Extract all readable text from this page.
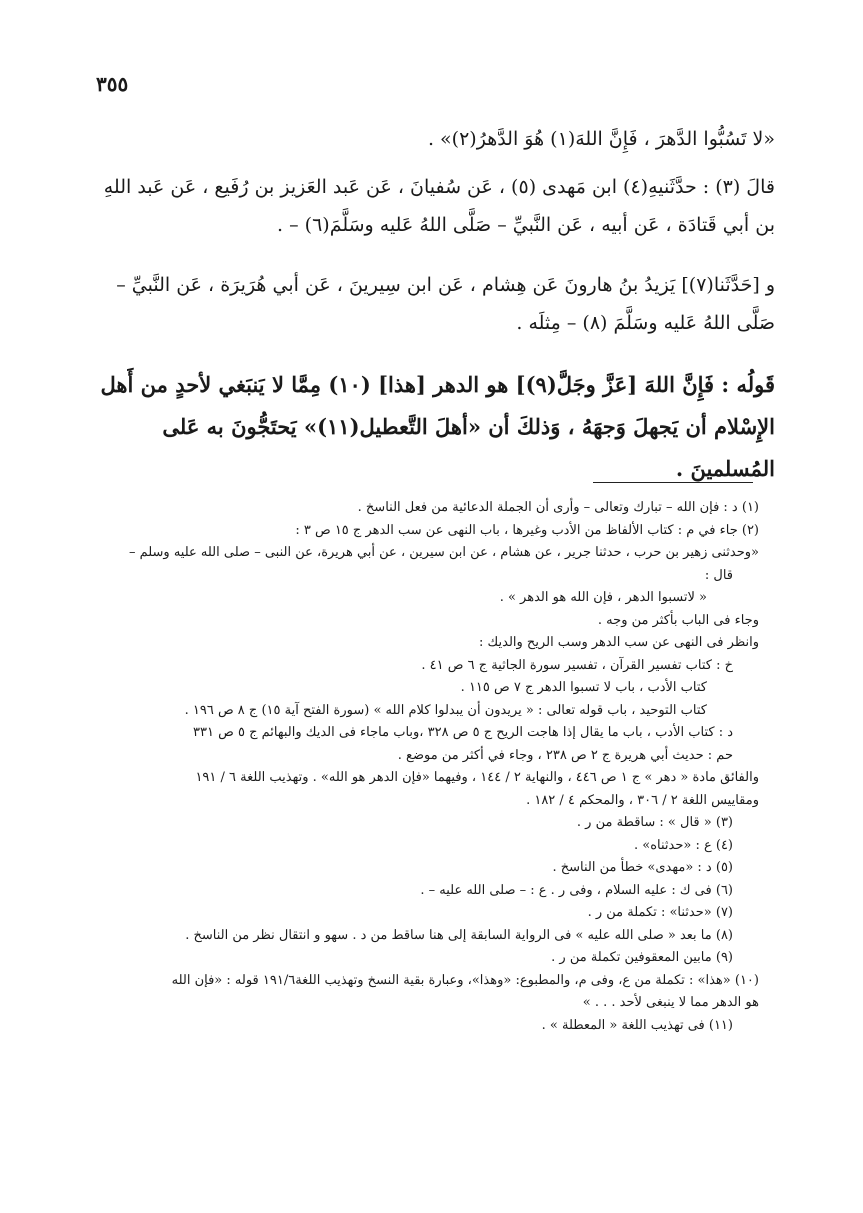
٣٥٥

«لا تَسُبُّوا الدَّهرَ ، فَإِنَّ اللهَ(١) هُوَ الدَّهرُ(٢)» .

قالَ (٣) : حدَّثَنيهِ(٤) ابن مَهدى (٥) ، عَن سُفيانَ ، عَن عَبد العَزيز بن رُفَيع ، عَن عَبد اللهِ بن أبي قَتادَة ، عَن أبيه ، عَن النَّبيِّ – صَلَّى اللهُ عَليه وسَلَّمَ(٦) – .

و [حَدَّثَنا(٧)] يَزيدُ بنُ هارونَ عَن هِشام ، عَن ابن سِيرينَ ، عَن أبي هُرَيرَة ، عَن النَّبيِّ – صَلَّى اللهُ عَليه وسَلَّمَ (٨) – مِثلَه .

قَولُه : فَإِنَّ اللهَ [عَزَّ وجَلَّ(٩)] هو الدهر [هذا] (١٠) مِمَّا لا يَنبَغي لأحدٍ من أَهل الإِسْلام أن يَجهلَ وَجهَهُ ، وَذلكَ أن «أهلَ التَّعطيل(١١)» يَحتَجُّونَ به عَلى المُسلمينَ .

(١) د : فإن الله – تبارك وتعالى – وأرى أن الجملة الدعائية من فعل الناسخ .

(٢) جاء في م : كتاب الألفاظ من الأدب وغيرها ، باب النهى عن سب الدهر ج ١٥ ص ٣ :

«وحدثنى زهير بن حرب ، حدثنا جرير ، عن هشام ، عن ابن سيرين ، عن أبي هريرة، عن النبى – صلى الله عليه وسلم –

قال :

« لاتسبوا الدهر ، فإن الله هو الدهر » .

وجاء فى الباب بأكثر من وجه .

وانظر فى النهى عن سب الدهر وسب الريح والديك :

خ : كتاب تفسير القرآن ، تفسير سورة الجاثية ج ٦ ص ٤١ .

كتاب الأدب ، باب لا تسبوا الدهر ج ٧ ص ١١٥ .

كتاب التوحيد ، باب قوله تعالى : « يريدون أن يبدلوا كلام الله » (سورة الفتح آية ١٥) ج ٨ ص ١٩٦ .

د : كتاب الأدب ، باب ما يقال إذا هاجت الريح ج ٥ ص ٣٢٨ ،وباب ماجاء فى الديك والبهائم ج ٥ ص ٣٣١

حم : حديث أبي هريرة ج ٢ ص ٢٣٨ ، وجاء في أكثر من موضع .

والفائق مادة « دهر » ج ١ ص ٤٤٦ ، والنهاية ٢ / ١٤٤ ، وفيهما «فإن الدهر هو الله» . وتهذيب اللغة ٦ / ١٩١

ومقاييس اللغة ٢ / ٣٠٦ ، والمحكم ٤ / ١٨٢ .

(٣) « قال » : ساقطة من ر .

(٤) ع : «حدثناه» .

(٥) د : «مهدى» خطأ من الناسخ .

(٦) فى ك : عليه السلام ، وفى ر . ع : – صلى الله عليه – .

(٧) «حدثنا» : تكملة من ر .

(٨) ما بعد « صلى الله عليه » فى الرواية السابقة إلى هنا ساقط من د . سهو و انتقال نظر من الناسخ .

(٩) مابين المعقوفين تكملة من ر .

(١٠) «هذا» : تكملة من ع، وفى م، والمطبوع: «وهذا»، وعبارة بقية النسخ وتهذيب اللغة١٩١/٦ قوله : «فإن الله

هو الدهر مما لا ينبغى لأحد . . . »

(١١) فى تهذيب اللغة « المعطلة » .
